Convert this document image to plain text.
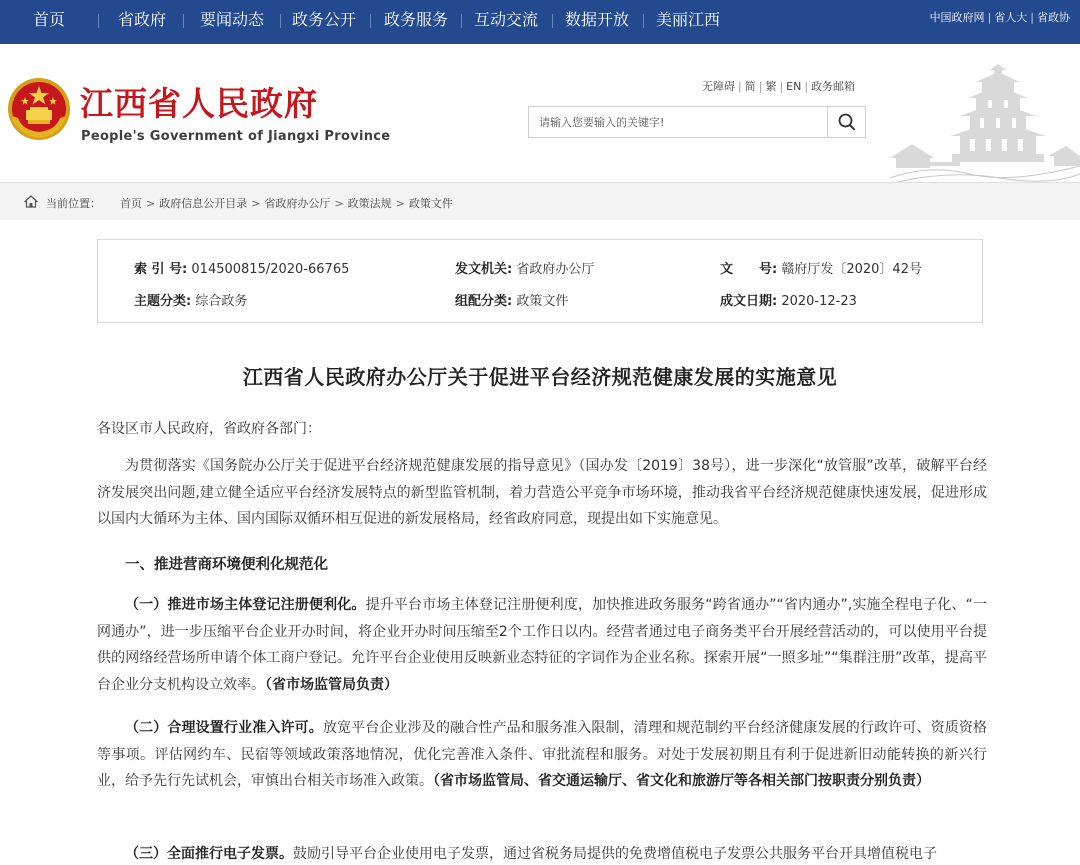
首页	省政府 要闻动态 政务公开 政务服务 互动交流 数据开放 美丽江西	中国政府网 | 省人大 | 省政协
江西省人民政府
People's Government of Jiangxi Province
无障碍 | 简 | 繁 | EN | 政务邮箱
请输入您要输入的关键字!
当前位置： 首页 > 政府信息公开目录 > 省政府办公厅 > 政策法规 > 政策文件
索 引 号: 014500815/2020-66765	发文机关: 省政府办公厅	文　　号: 赣府厅发〔2020〕42号
主题分类: 综合政务	组配分类: 政策文件	成文日期: 2020-12-23
江西省人民政府办公厅关于促进平台经济规范健康发展的实施意见
各设区市人民政府，省政府各部门：
为贯彻落实《国务院办公厅关于促进平台经济规范健康发展的指导意见》（国办发〔2019〕38号），进一步深化“放管服”改革，破解平台经济发展突出问题,建立健全适应平台经济发展特点的新型监管机制，着力营造公平竞争市场环境，推动我省平台经济规范健康快速发展，促进形成以国内大循环为主体、国内国际双循环相互促进的新发展格局，经省政府同意，现提出如下实施意见。
一、推进营商环境便利化规范化
（一）推进市场主体登记注册便利化。提升平台市场主体登记注册便利度，加快推进政务服务“跨省通办”“省内通办”,实施全程电子化、“一网通办”，进一步压缩平台企业开办时间，将企业开办时间压缩至2个工作日以内。经营者通过电子商务类平台开展经营活动的，可以使用平台提供的网络经营场所申请个体工商户登记。允许平台企业使用反映新业态特征的字词作为企业名称。探索开展“一照多址”“集群注册”改革，提高平台企业分支机构设立效率。（省市场监管局负责）
（二）合理设置行业准入许可。放宽平台企业涉及的融合性产品和服务准入限制，清理和规范制约平台经济健康发展的行政许可、资质资格等事项。评估网约车、民宿等领域政策落地情况，优化完善准入条件、审批流程和服务。对处于发展初期且有利于促进新旧动能转换的新兴行业，给予先行先试机会，审慎出台相关市场准入政策。（省市场监管局、省交通运输厅、省文化和旅游厅等各相关部门按职责分别负责）
（三）全面推行电子发票。鼓励引导平台企业使用电子发票，通过省税务局提供的免费增值税电子发票公共服务平台开具增值税电子
